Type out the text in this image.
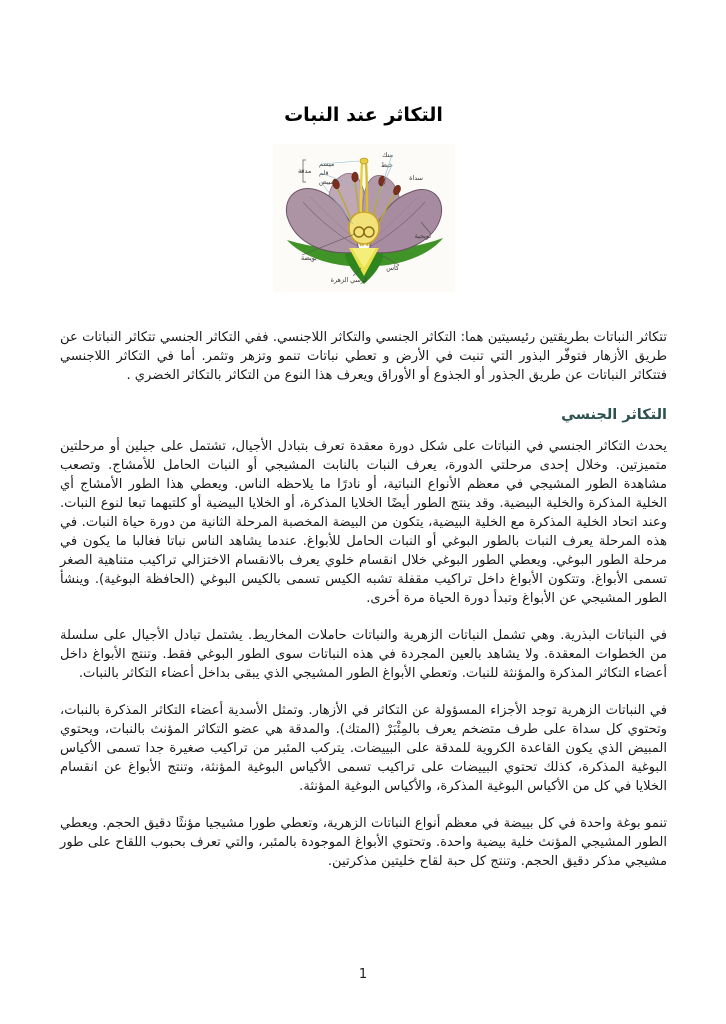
التكاثر عند النبات
ميسم
قلم
مبيض
مدقة
متك
خيط
سداة
تويجية
كأس
بويضة
كرسي الزهرة

تتكاثر النباتات بطريقتين رئيسيتين هما: التكاثر الجنسي والتكاثر اللاجنسي. ففي التكاثر الجنسي تتكاثر النباتات عن طريق الأزهار فتوفّر البذور التي تنبت في الأرض و تعطي نباتات تنمو وتزهر وتثمر. أما في التكاثر اللاجنسي فتتكاثر النباتات عن طريق الجذور أو الجذوع أو الأوراق ويعرف هذا النوع من التكاثر بالتكاثر الخضري .

التكاثر الجنسي

يحدث التكاثر الجنسي في النباتات على شكل دورة معقدة تعرف بتبادل الأجيال، تشتمل على جيلين أو مرحلتين متميزتين. وخلال إحدى مرحلتي الدورة، يعرف النبات بالنابت المشيجي أو النبات الحامل للأمشاج. وتصعب مشاهدة الطور المشيجي في معظم الأنواع النباتية، أو نادرًا ما يلاحظه الناس. ويعطي هذا الطور الأمشاج أي الخلية المذكرة والخلية البيضية. وقد ينتج الطور أيضًا الخلايا المذكرة، أو الخلايا البيضية أو كلتيهما تبعا لنوع النبات. وعند اتحاد الخلية المذكرة مع الخلية البيضية، يتكون من البيضة المخصبة المرحلة الثانية من دورة حياة النبات. في هذه المرحلة يعرف النبات بالطور البوغي أو النبات الحامل للأبواغ. عندما يشاهد الناس نباتا فغالبا ما يكون في مرحلة الطور البوغي. ويعطي الطور البوغي خلال انقسام خلوي يعرف بالانقسام الاختزالي تراكيب متناهية الصغر تسمى الأبواغ. وتتكون الأبواغ داخل تراكيب مقفلة تشبه الكيس تسمى بالكيس البوغي (الحافظة البوغية). وينشأ الطور المشيجي عن الأبواغ وتبدأ دورة الحياة مرة أخرى.

في النباتات البذرية. وهي تشمل النباتات الزهرية والنباتات حاملات المخاريط. يشتمل تبادل الأجيال على سلسلة من الخطوات المعقدة. ولا يشاهد بالعين المجردة في هذه النباتات سوى الطور البوغي فقط. وتنتج الأبواغ داخل أعضاء التكاثر المذكرة والمؤنثة للنبات. وتعطي الأبواغ الطور المشيجي الذي يبقى بداخل أعضاء التكاثر بالنبات.

في النباتات الزهرية توجد الأجزاء المسؤولة عن التكاثر في الأزهار. وتمثل الأسدية أعضاء التكاثر المذكرة بالنبات، وتحتوي كل سداة على طرف متضخم يعرف بالمِئْبَرْ (المتك). والمدقة هي عضو التكاثر المؤنث بالنبات، ويحتوي المبيض الذي يكون القاعدة الكروية للمدقة على البييضات. يتركب المئبر من تراكيب صغيرة جدا تسمى الأكياس البوغية المذكرة، كذلك تحتوي البييضات على تراكيب تسمى الأكياس البوغية المؤنثة، وتنتج الأبواغ عن انقسام الخلايا في كل من الأكياس البوغية المذكرة، والأكياس البوغية المؤنثة.

تنمو بوغة واحدة في كل بييضة في معظم أنواع النباتات الزهرية، وتعطي طورا مشيجيا مؤنثًا دقيق الحجم. ويعطي الطور المشيجي المؤنث خلية بيضية واحدة. وتحتوي الأبواغ الموجودة بالمئبر، والتي تعرف بحبوب اللقاح على طور مشيجي مذكر دقيق الحجم. وتنتج كل حبة لقاح خليتين مذكرتين.

1
